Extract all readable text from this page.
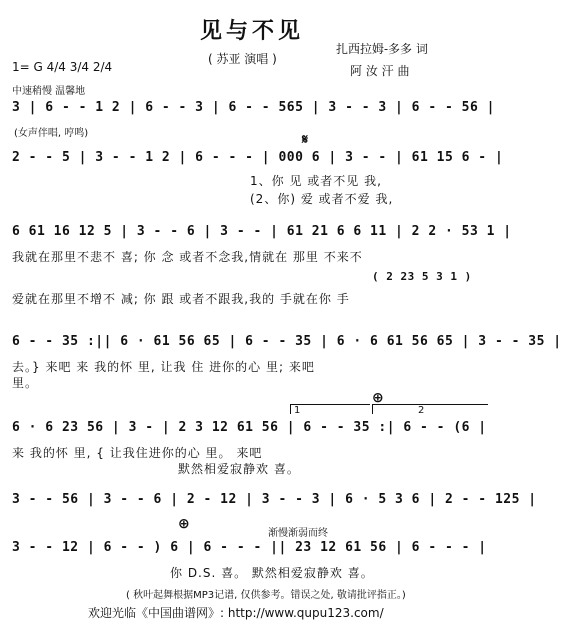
见与不见
( 苏亚 演唱 )
扎西拉姆-多多 词
阿 汝 汗 曲
1= G 4/4 3/4 2/4
中速稍慢 温馨地
3 | 6 - - 1 2 | 6 - - 3 | 6 - - 565 | 3 - - 3 | 6 - - 56 |
(女声伴唱, 哼鸣)	𝄋
2 - - 5 | 3 - - 1 2 | 6 - - - | 000 6 | 3 - - | 61 15 6 - |
1、你 见 或者不见 我,
(2、你) 爱 或者不爱 我,
6 61 16 12 5 | 3 - - 6 | 3 - - | 61 21 6 6 11 | 2 2 · 53 1 |
我就在那里不悲不 喜; 你 念 或者不念我,情就在 那里 不来不
( 2 23 5 3 1 )
爱就在那里不增不 减; 你 跟 或者不跟我,我的 手就在你 手
6 - - 35 :|| 6 · 61 56 65 | 6 - - 35 | 6 · 6 61 56 65 | 3 - - 35 |
去。} 来吧 来 我的怀 里, 让我 住 进你的心 里; 来吧
里。
1	2
⊕
6 · 6 23 56 | 3 - | 2 3 12 61 56 | 6 - - 35 :| 6 - - (6 |
来 我的怀 里, { 让我住进你的心 里。 来吧
默然相爱寂静欢 喜。
3 - - 56 | 3 - - 6 | 2 - 12 | 3 - - 3 | 6 · 5 3 6 | 2 - - 125 |
⊕
渐慢渐弱而终
3 - - 12 | 6 - - ) 6 | 6 - - - || 23 12 61 56 | 6 - - - |
你 D.S. 喜。 默然相爱寂静欢 喜。
( 秋叶起舞根据MP3记谱, 仅供参考。错误之处, 敬请批评指正。)
欢迎光临《中国曲谱网》: http://www.qupu123.com/
